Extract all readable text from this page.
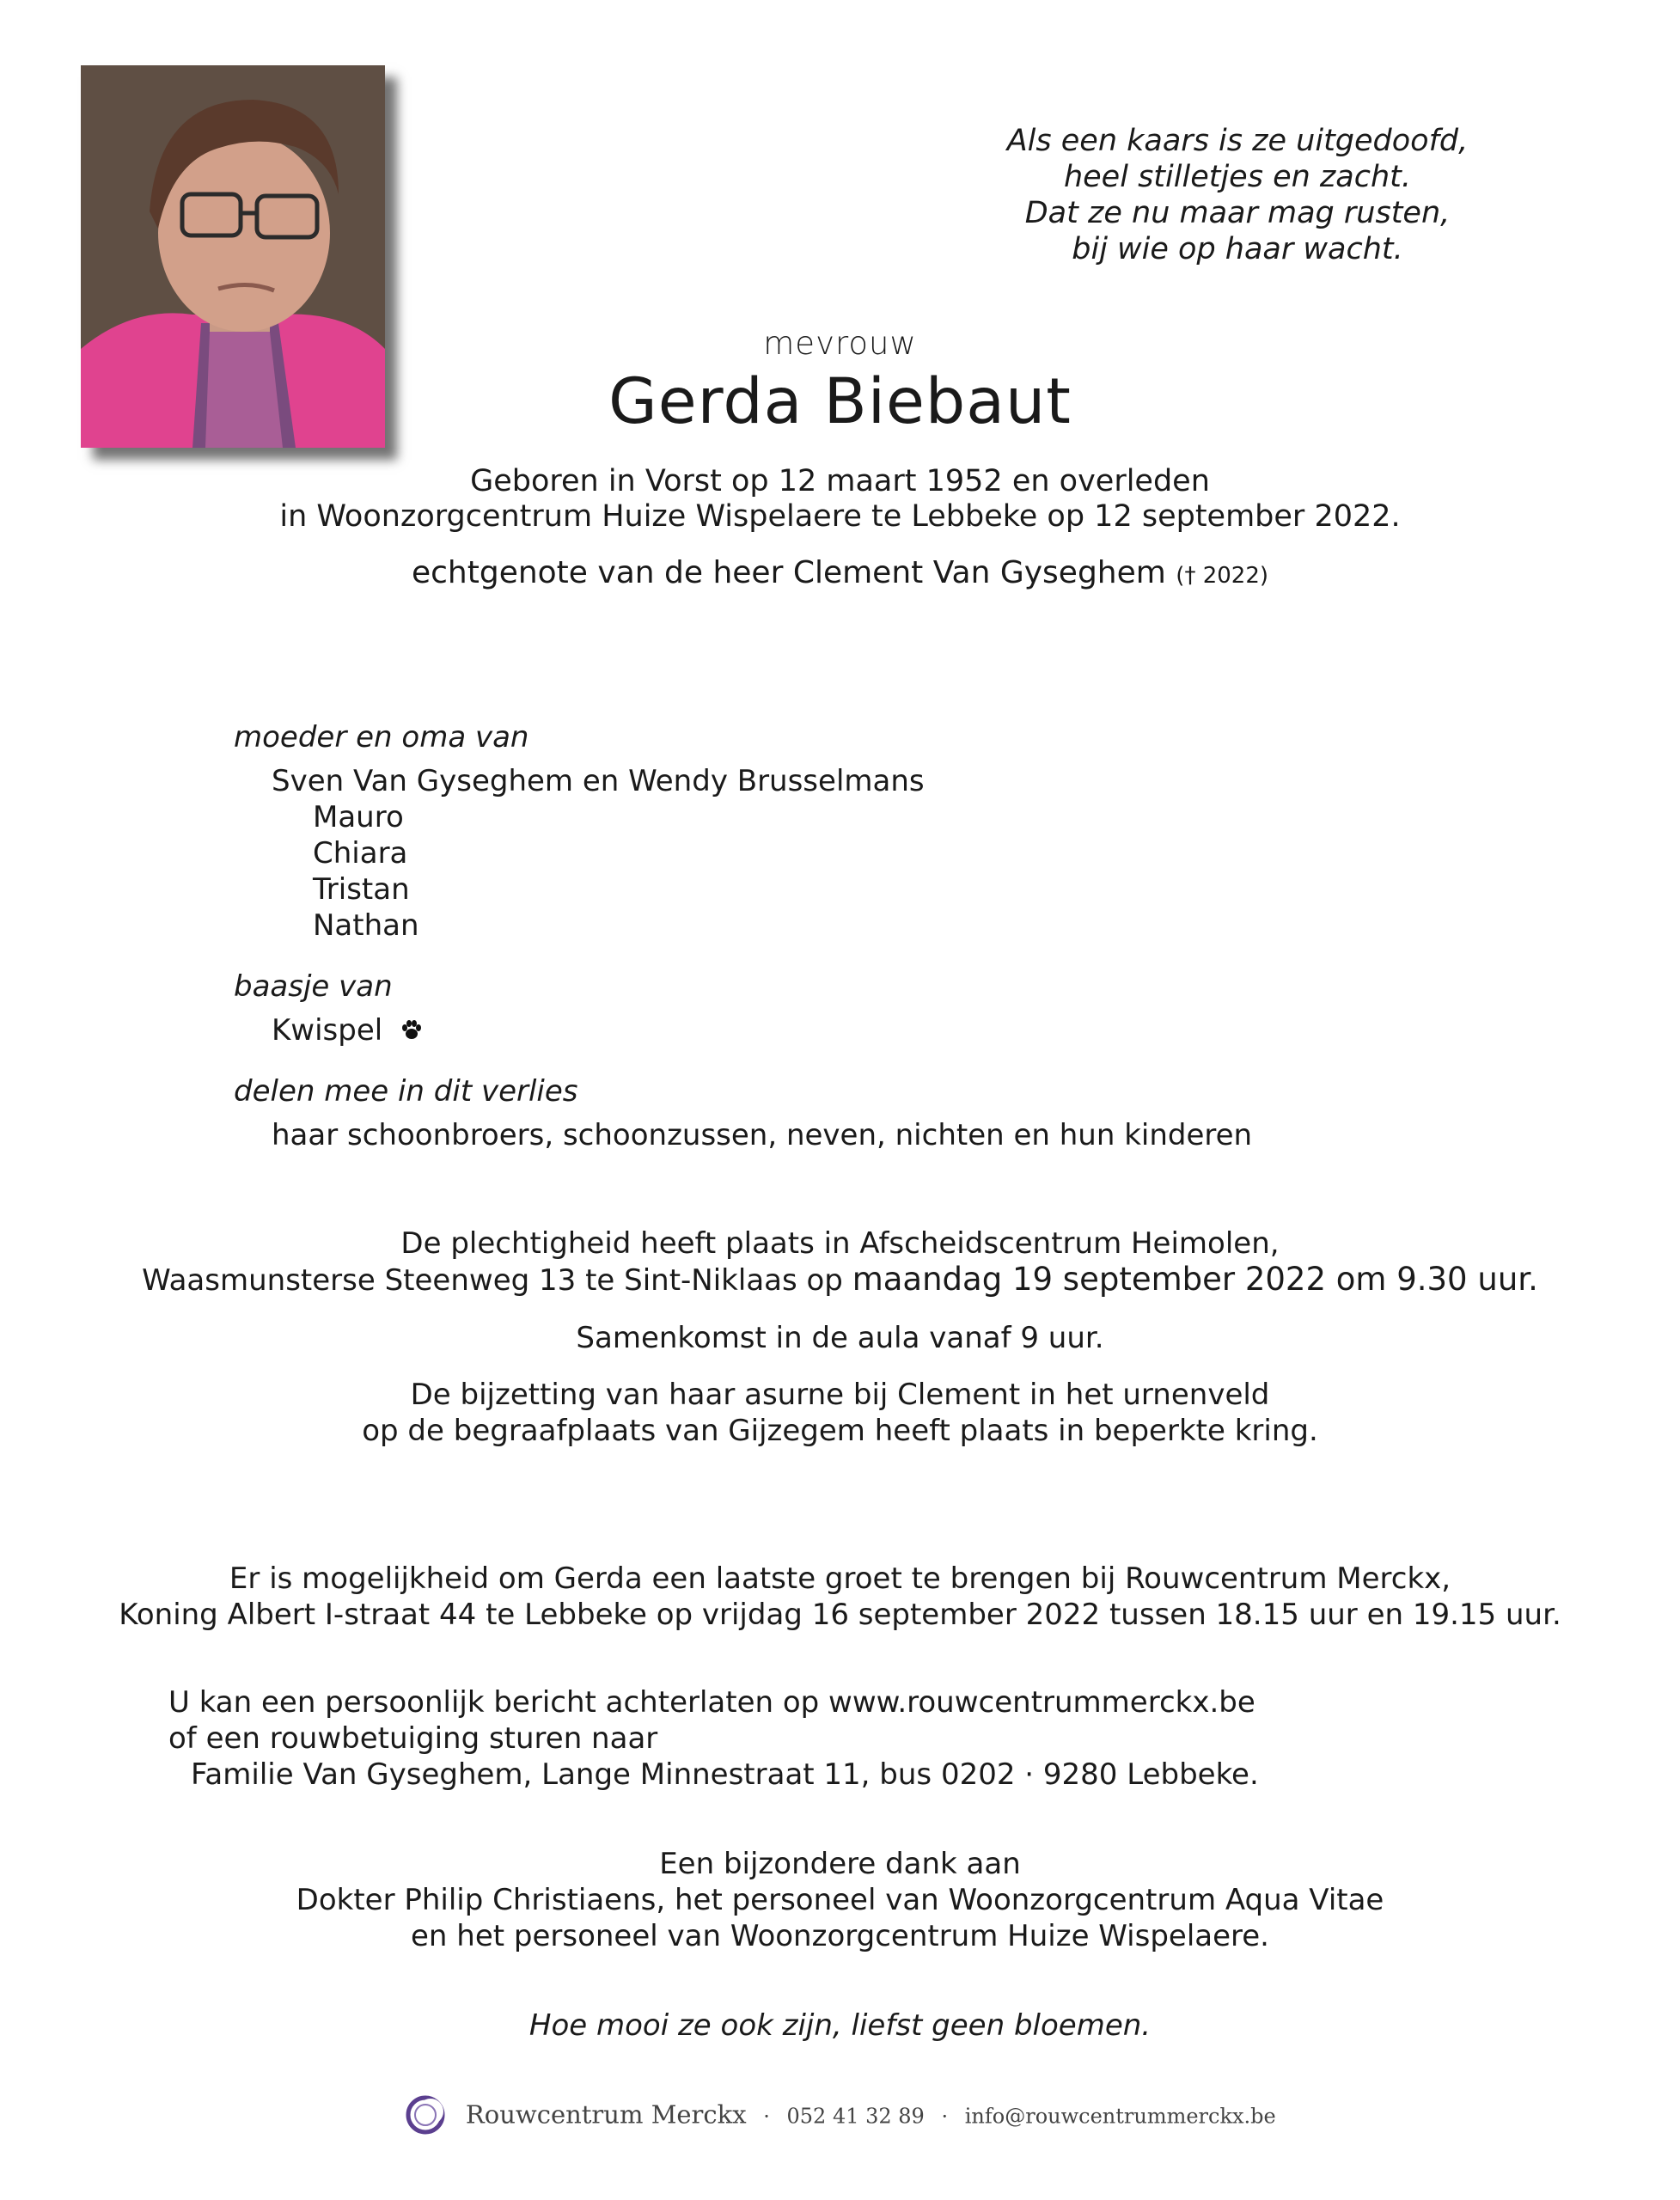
Als een kaars is ze uitgedoofd,
heel stilletjes en zacht.
Dat ze nu maar mag rusten,
bij wie op haar wacht.
mevrouw
Gerda Biebaut
Geboren in Vorst op 12 maart 1952 en overleden
in Woonzorgcentrum Huize Wispelaere te Lebbeke op 12 september 2022.
echtgenote van de heer Clement Van Gyseghem († 2022)
moeder en oma van
Sven Van Gyseghem en Wendy Brusselmans
Mauro
Chiara
Tristan
Nathan
baasje van
Kwispel
delen mee in dit verlies
haar schoonbroers, schoonzussen, neven, nichten en hun kinderen
De plechtigheid heeft plaats in Afscheidscentrum Heimolen,
Waasmunsterse Steenweg 13 te Sint-Niklaas op maandag 19 september 2022 om 9.30 uur.
Samenkomst in de aula vanaf 9 uur.
De bijzetting van haar asurne bij Clement in het urnenveld
op de begraafplaats van Gijzegem heeft plaats in beperkte kring.
Er is mogelijkheid om Gerda een laatste groet te brengen bij Rouwcentrum Merckx,
Koning Albert I-straat 44 te Lebbeke op vrijdag 16 september 2022 tussen 18.15 uur en 19.15 uur.
U kan een persoonlijk bericht achterlaten op www.rouwcentrummerckx.be
of een rouwbetuiging sturen naar
Familie Van Gyseghem, Lange Minnestraat 11, bus 0202 · 9280 Lebbeke.
Een bijzondere dank aan
Dokter Philip Christiaens, het personeel van Woonzorgcentrum Aqua Vitae
en het personeel van Woonzorgcentrum Huize Wispelaere.
Hoe mooi ze ook zijn, liefst geen bloemen.
Rouwcentrum Merckx · 052 41 32 89 · info@rouwcentrummerckx.be
